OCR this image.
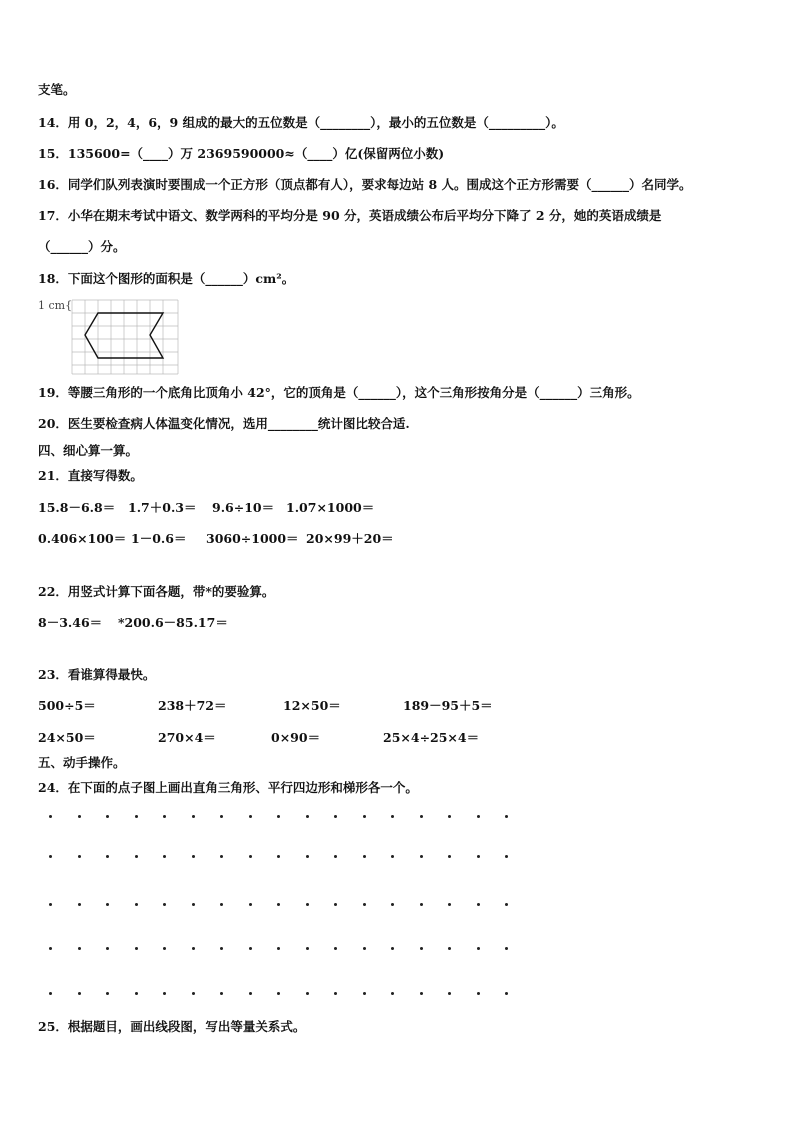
支笔。
14．用 0，2，4，6，9 组成的最大的五位数是（________），最小的五位数是（_________）。
15．135600=（____）万 2369590000≈（____）亿(保留两位小数)
16．同学们队列表演时要围成一个正方形（顶点都有人），要求每边站 8 人。围成这个正方形需要（______）名同学。
17．小华在期末考试中语文、数学两科的平均分是 90 分，英语成绩公布后平均分下降了 2 分，她的英语成绩是
（______）分。
18．下面这个图形的面积是（______）cm²。
1 cm{
19．等腰三角形的一个底角比顶角小 42°，它的顶角是（______），这个三角形按角分是（______）三角形。
20．医生要检查病人体温变化情况，选用________统计图比较合适.
四、细心算一算。
21．直接写得数。
15.8－6.8＝ 1.7＋0.3＝ 9.6÷10＝ 1.07×1000＝
0.406×100＝ 1－0.6＝ 3060÷1000＝ 20×99＋20＝
22．用竖式计算下面各题，带*的要验算。
8－3.46＝ *200.6－85.17＝
23．看谁算得最快。
500÷5＝	238＋72＝	12×50＝	189－95＋5＝
24×50＝	270×4＝	0×90＝	25×4÷25×4＝
五、动手操作。
24．在下面的点子图上画出直角三角形、平行四边形和梯形各一个。
25．根据题目，画出线段图，写出等量关系式。
